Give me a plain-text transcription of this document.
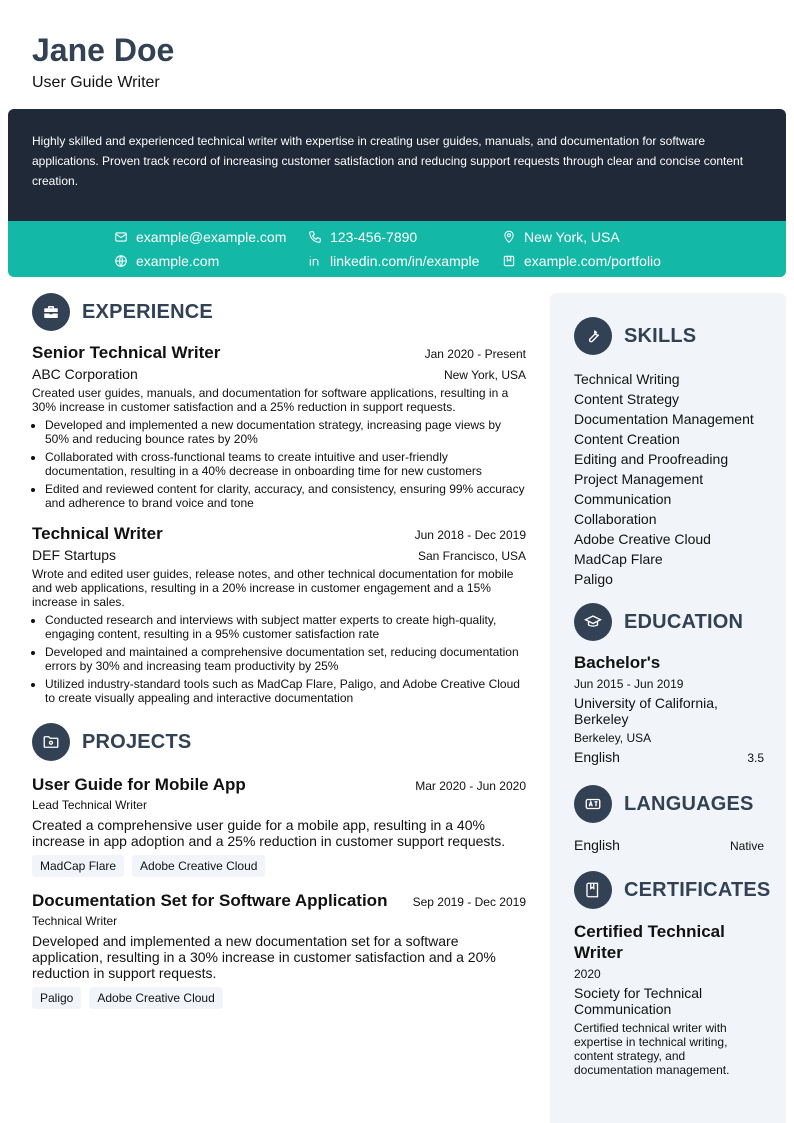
Jane Doe
User Guide Writer
Highly skilled and experienced technical writer with expertise in creating user guides, manuals, and documentation for software applications. Proven track record of increasing customer satisfaction and reducing support requests through clear and concise content creation.
example@example.com	123-456-7890	New York, USA
example.com	linkedin.com/in/example	example.com/portfolio
EXPERIENCE
Senior Technical Writer	Jan 2020 - Present
ABC Corporation	New York, USA
Created user guides, manuals, and documentation for software applications, resulting in a 30% increase in customer satisfaction and a 25% reduction in support requests.
• Developed and implemented a new documentation strategy, increasing page views by 50% and reducing bounce rates by 20%
• Collaborated with cross-functional teams to create intuitive and user-friendly documentation, resulting in a 40% decrease in onboarding time for new customers
• Edited and reviewed content for clarity, accuracy, and consistency, ensuring 99% accuracy and adherence to brand voice and tone
Technical Writer	Jun 2018 - Dec 2019
DEF Startups	San Francisco, USA
Wrote and edited user guides, release notes, and other technical documentation for mobile and web applications, resulting in a 20% increase in customer engagement and a 15% increase in sales.
• Conducted research and interviews with subject matter experts to create high-quality, engaging content, resulting in a 95% customer satisfaction rate
• Developed and maintained a comprehensive documentation set, reducing documentation errors by 30% and increasing team productivity by 25%
• Utilized industry-standard tools such as MadCap Flare, Paligo, and Adobe Creative Cloud to create visually appealing and interactive documentation
PROJECTS
User Guide for Mobile App	Mar 2020 - Jun 2020
Lead Technical Writer
Created a comprehensive user guide for a mobile app, resulting in a 40% increase in app adoption and a 25% reduction in customer support requests.
MadCap Flare	Adobe Creative Cloud
Documentation Set for Software Application Sep 2019 - Dec 2019
Technical Writer
Developed and implemented a new documentation set for a software application, resulting in a 30% increase in customer satisfaction and a 20% reduction in support requests.
Paligo	Adobe Creative Cloud
SKILLS
Technical Writing
Content Strategy
Documentation Management
Content Creation
Editing and Proofreading
Project Management
Communication
Collaboration
Adobe Creative Cloud
MadCap Flare
Paligo
EDUCATION
Bachelor's
Jun 2015 - Jun 2019
University of California, Berkeley
Berkeley, USA
English	3.5
LANGUAGES
English	Native
CERTIFICATES
Certified Technical Writer
2020
Society for Technical Communication
Certified technical writer with expertise in technical writing, content strategy, and documentation management.
